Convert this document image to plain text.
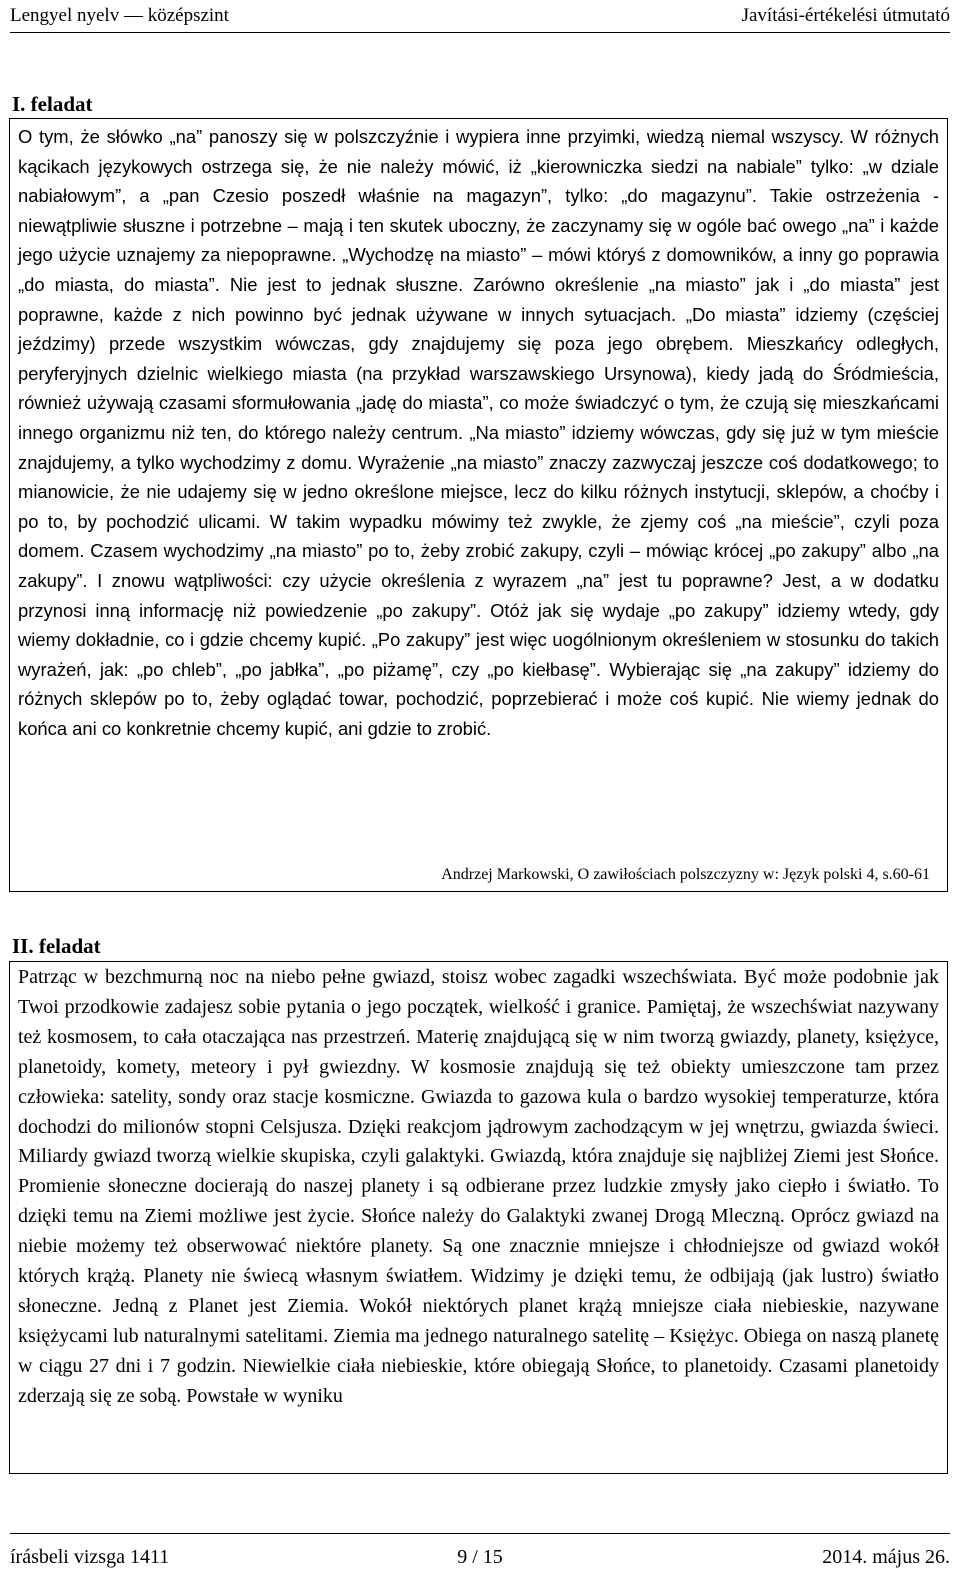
Lengyel nyelv — középszint	Javítási-értékelési útmutató
I. feladat

O tym, że słówko „na” panoszy się w polszczyźnie i wypiera inne przyimki, wiedzą niemal wszyscy. W różnych kącikach językowych ostrzega się, że nie należy mówić, iż „kierowniczka siedzi na nabiale” tylko: „w dziale nabiałowym”, a „pan Czesio poszedł właśnie na magazyn”, tylko: „do magazynu”. Takie ostrzeżenia - niewątpliwie słuszne i potrzebne – mają i ten skutek uboczny, że zaczynamy się w ogóle bać owego „na” i każde jego użycie uznajemy za niepoprawne. „Wychodzę na miasto” – mówi któryś z domowników, a inny go poprawia „do miasta, do miasta”. Nie jest to jednak słuszne. Zarówno określenie „na miasto” jak i „do miasta” jest poprawne, każde z nich powinno być jednak używane w innych sytuacjach. „Do miasta” idziemy (częściej jeździmy) przede wszystkim wówczas, gdy znajdujemy się poza jego obrębem. Mieszkańcy odległych, peryferyjnych dzielnic wielkiego miasta (na przykład warszawskiego Ursynowa), kiedy jadą do Śródmieścia, również używają czasami sformułowania „jadę do miasta”, co może świadczyć o tym, że czują się mieszkańcami innego organizmu niż ten, do którego należy centrum. „Na miasto” idziemy wówczas, gdy się już w tym mieście znajdujemy, a tylko wychodzimy z domu. Wyrażenie „na miasto” znaczy zazwyczaj jeszcze coś dodatkowego; to mianowicie, że nie udajemy się w jedno określone miejsce, lecz do kilku różnych instytucji, sklepów, a choćby i po to, by pochodzić ulicami. W takim wypadku mówimy też zwykle, że zjemy coś „na mieście”, czyli poza domem. Czasem wychodzimy „na miasto” po to, żeby zrobić zakupy, czyli – mówiąc krócej „po zakupy” albo „na zakupy”. I znowu wątpliwości: czy użycie określenia z wyrazem „na” jest tu poprawne? Jest, a w dodatku przynosi inną informację niż powiedzenie „po zakupy”. Otóż jak się wydaje „po zakupy” idziemy wtedy, gdy wiemy dokładnie, co i gdzie chcemy kupić. „Po zakupy” jest więc uogólnionym określeniem w stosunku do takich wyrażeń, jak: „po chleb”, „po jabłka”, „po piżamę”, czy „po kiełbasę”. Wybierając się „na zakupy” idziemy do różnych sklepów po to, żeby oglądać towar, pochodzić, poprzebierać i może coś kupić. Nie wiemy jednak do końca ani co konkretnie chcemy kupić, ani gdzie to zrobić.

Andrzej Markowski, O zawiłościach polszczyzny w: Język polski 4, s.60-61
II. feladat

Patrząc w bezchmurną noc na niebo pełne gwiazd, stoisz wobec zagadki wszechświata. Być może podobnie jak Twoi przodkowie zadajesz sobie pytania o jego początek, wielkość i granice. Pamiętaj, że wszechświat nazywany też kosmosem, to cała otaczająca nas przestrzeń. Materię znajdującą się w nim tworzą gwiazdy, planety, księżyce, planetoidy, komety, meteory i pył gwiezdny. W kosmosie znajdują się też obiekty umieszczone tam przez człowieka: satelity, sondy oraz stacje kosmiczne. Gwiazda to gazowa kula o bardzo wysokiej temperaturze, która dochodzi do milionów stopni Celsjusza. Dzięki reakcjom jądrowym zachodzącym w jej wnętrzu, gwiazda świeci. Miliardy gwiazd tworzą wielkie skupiska, czyli galaktyki. Gwiazdą, która znajduje się najbliżej Ziemi jest Słońce. Promienie słoneczne docierają do naszej planety i są odbierane przez ludzkie zmysły jako ciepło i światło. To dzięki temu na Ziemi możliwe jest życie. Słońce należy do Galaktyki zwanej Drogą Mleczną. Oprócz gwiazd na niebie możemy też obserwować niektóre planety. Są one znacznie mniejsze i chłodniejsze od gwiazd wokół których krążą. Planety nie świecą własnym światłem. Widzimy je dzięki temu, że odbijają (jak lustro) światło słoneczne. Jedną z Planet jest Ziemia. Wokół niektórych planet krążą mniejsze ciała niebieskie, nazywane księżycami lub naturalnymi satelitami. Ziemia ma jednego naturalnego satelitę – Księżyc. Obiega on naszą planetę w ciągu 27 dni i 7 godzin. Niewielkie ciała niebieskie, które obiegają Słońce, to planetoidy. Czasami planetoidy zderzają się ze sobą. Powstałe w wyniku

írásbeli vizsga 1411	9 / 15	2014. május 26.
